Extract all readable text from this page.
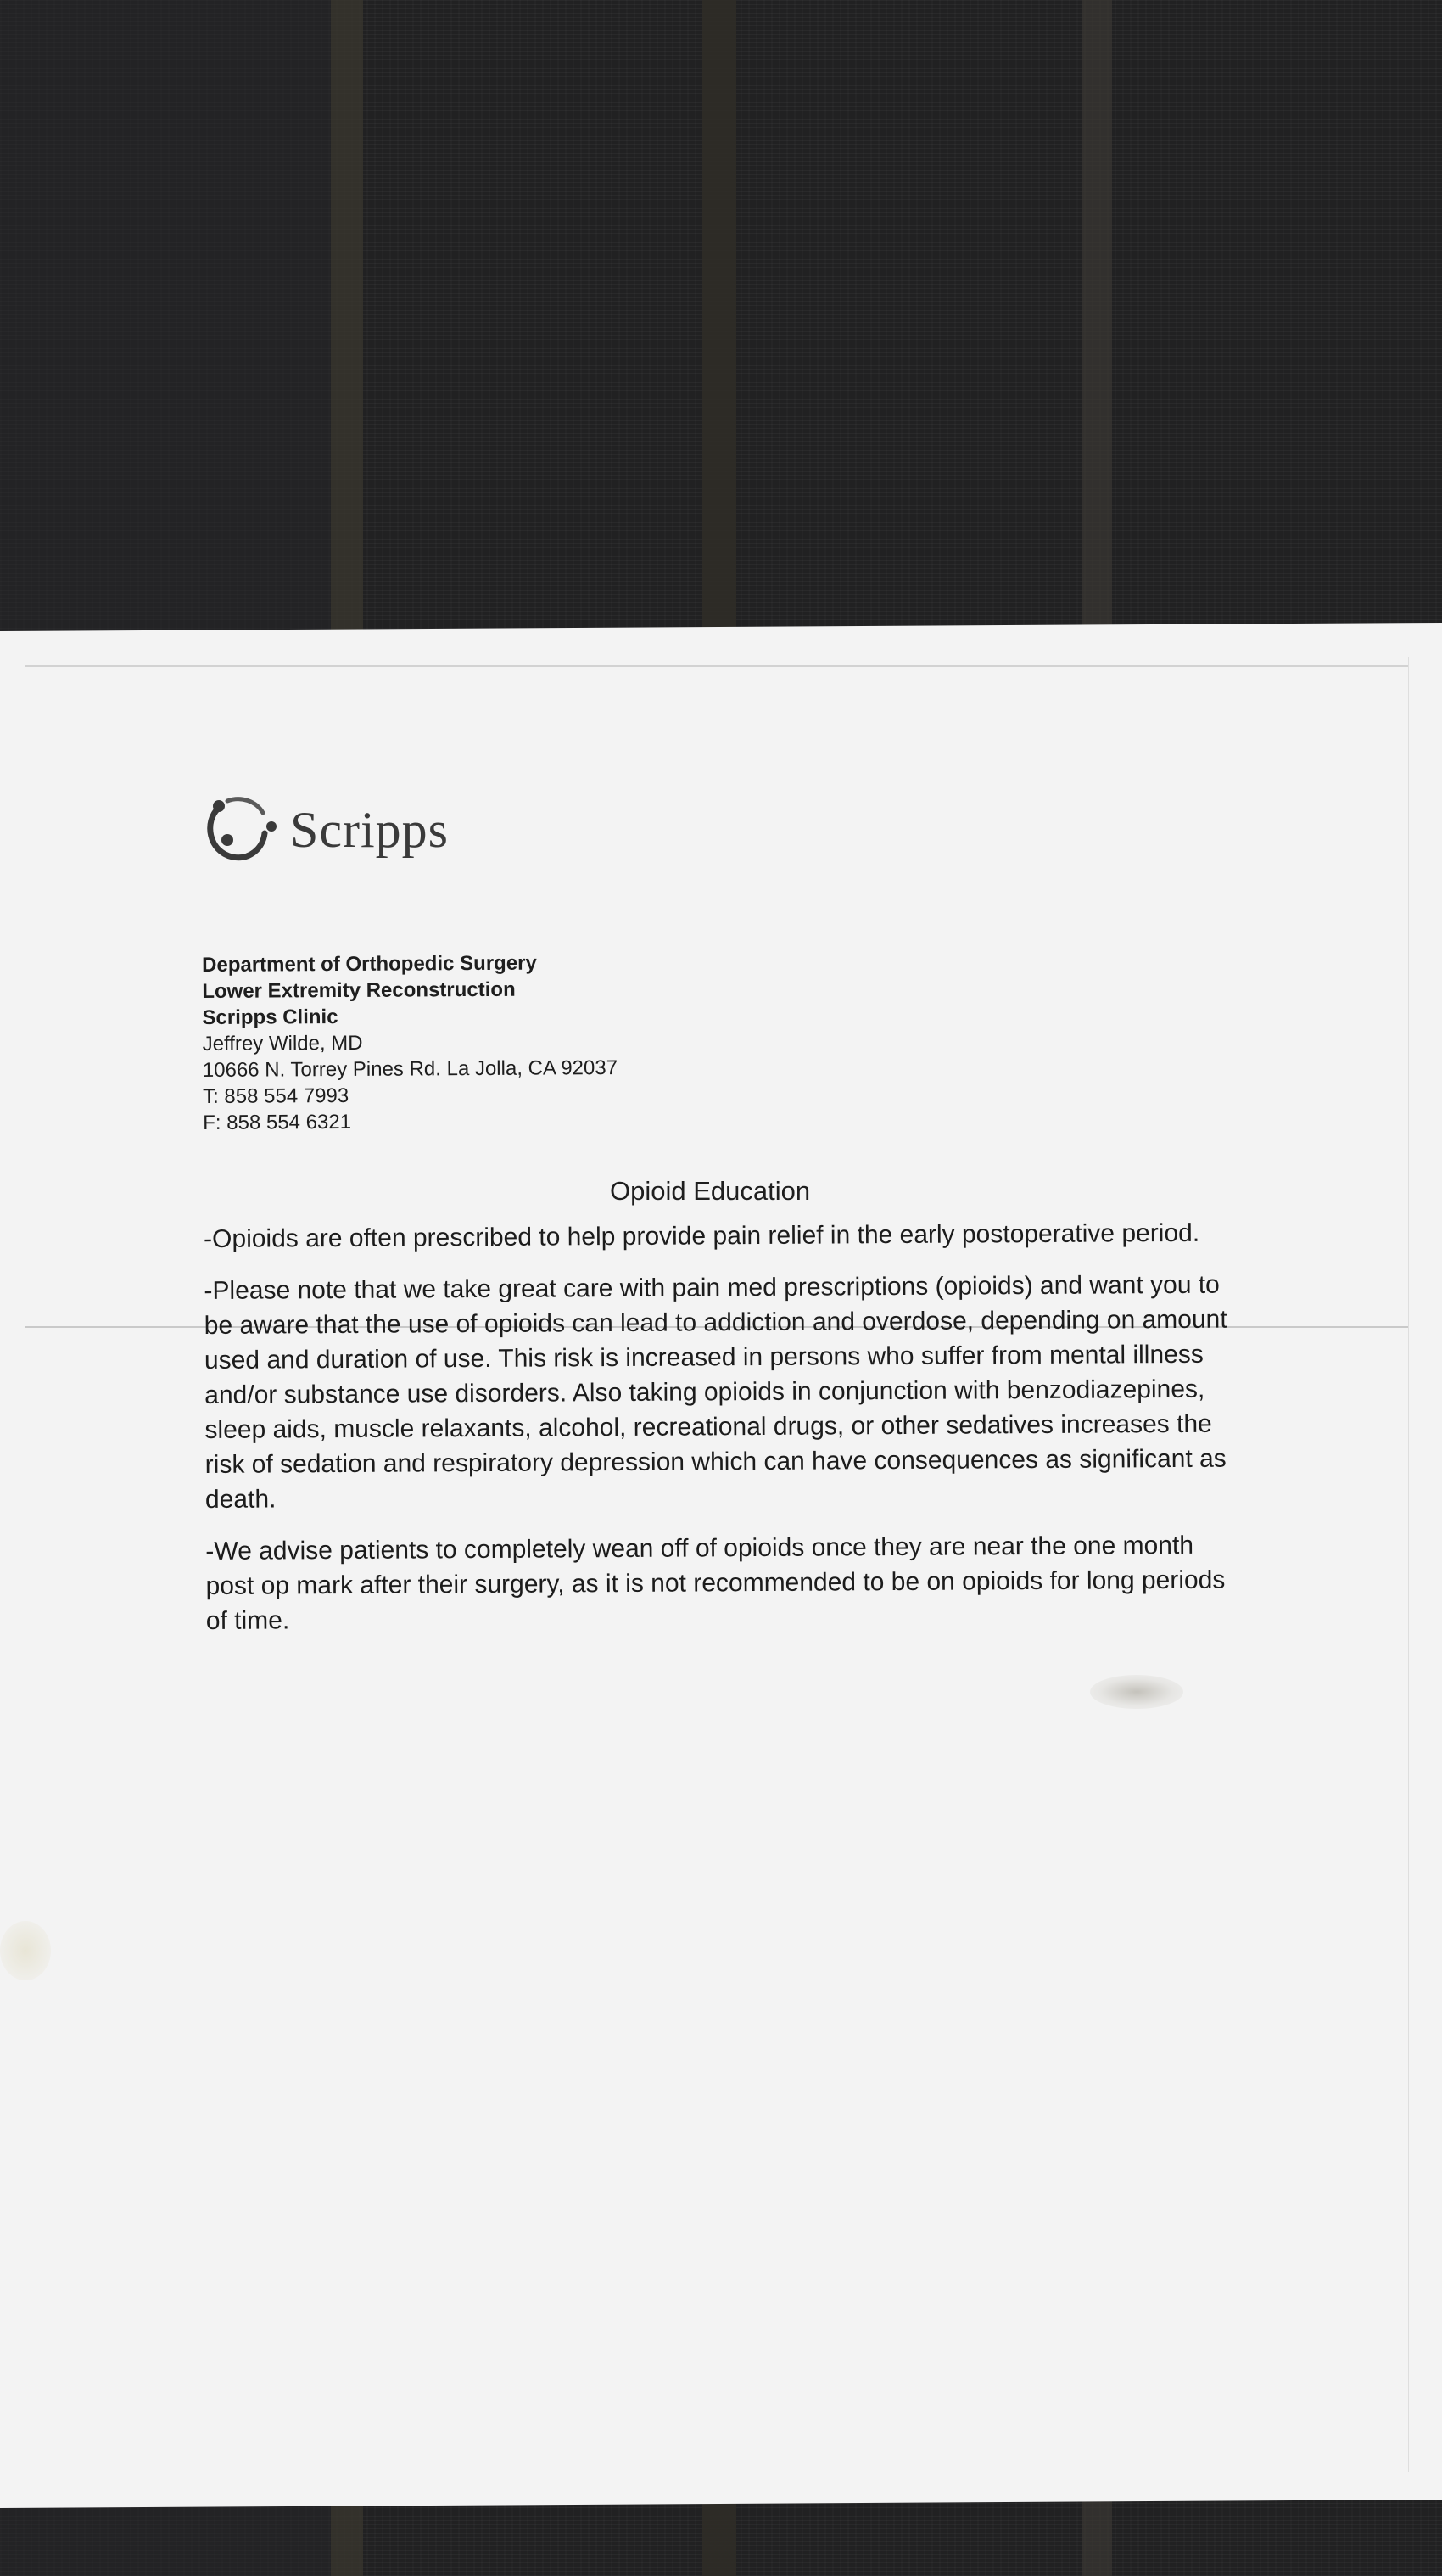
Scripps
Department of Orthopedic Surgery
Lower Extremity Reconstruction
Scripps Clinic
Jeffrey Wilde, MD
10666 N. Torrey Pines Rd. La Jolla, CA 92037
T: 858 554 7993
F: 858 554 6321
Opioid Education

-Opioids are often prescribed to help provide pain relief in the early postoperative period.

-Please note that we take great care with pain med prescriptions (opioids) and want you to be aware that the use of opioids can lead to addiction and overdose, depending on amount used and duration of use. This risk is increased in persons who suffer from mental illness and/or substance use disorders. Also taking opioids in conjunction with benzodiazepines, sleep aids, muscle relaxants, alcohol, recreational drugs, or other sedatives increases the risk of sedation and respiratory depression which can have consequences as significant as death.

-We advise patients to completely wean off of opioids once they are near the one month post op mark after their surgery, as it is not recommended to be on opioids for long periods of time.
